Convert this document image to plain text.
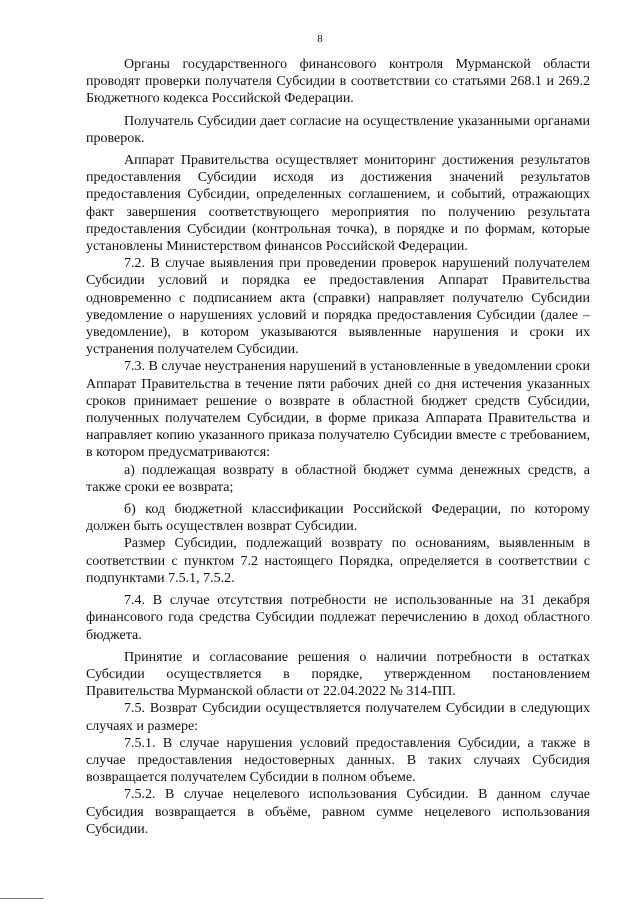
8

Органы государственного финансового контроля Мурманской области проводят проверки получателя Субсидии в соответствии со статьями 268.1 и 269.2 Бюджетного кодекса Российской Федерации.

Получатель Субсидии дает согласие на осуществление указанными органами проверок.

Аппарат Правительства осуществляет мониторинг достижения результатов предоставления Субсидии исходя из достижения значений результатов предоставления Субсидии, определенных соглашением, и событий, отражающих факт завершения соответствующего мероприятия по получению результата предоставления Субсидии (контрольная точка), в порядке и по формам, которые установлены Министерством финансов Российской Федерации.

7.2. В случае выявления при проведении проверок нарушений получателем Субсидии условий и порядка ее предоставления Аппарат Правительства одновременно с подписанием акта (справки) направляет получателю Субсидии уведомление о нарушениях условий и порядка предоставления Субсидии (далее – уведомление), в котором указываются выявленные нарушения и сроки их устранения получателем Субсидии.

7.3. В случае неустранения нарушений в установленные в уведомлении сроки Аппарат Правительства в течение пяти рабочих дней со дня истечения указанных сроков принимает решение о возврате в областной бюджет средств Субсидии, полученных получателем Субсидии, в форме приказа Аппарата Правительства и направляет копию указанного приказа получателю Субсидии вместе с требованием, в котором предусматриваются:

а) подлежащая возврату в областной бюджет сумма денежных средств, а также сроки ее возврата;

б) код бюджетной классификации Российской Федерации, по которому должен быть осуществлен возврат Субсидии.

Размер Субсидии, подлежащий возврату по основаниям, выявленным в соответствии с пунктом 7.2 настоящего Порядка, определяется в соответствии с подпунктами 7.5.1, 7.5.2.

7.4. В случае отсутствия потребности не использованные на 31 декабря финансового года средства Субсидии подлежат перечислению в доход областного бюджета.

Принятие и согласование решения о наличии потребности в остатках Субсидии осуществляется в порядке, утвержденном постановлением Правительства Мурманской области от 22.04.2022 № 314-ПП.

7.5. Возврат Субсидии осуществляется получателем Субсидии в следующих случаях и размере:

7.5.1. В случае нарушения условий предоставления Субсидии, а также в случае предоставления недостоверных данных. В таких случаях Субсидия возвращается получателем Субсидии в полном объеме.

7.5.2. В случае нецелевого использования Субсидии. В данном случае Субсидия возвращается в объёме, равном сумме нецелевого использования Субсидии.
